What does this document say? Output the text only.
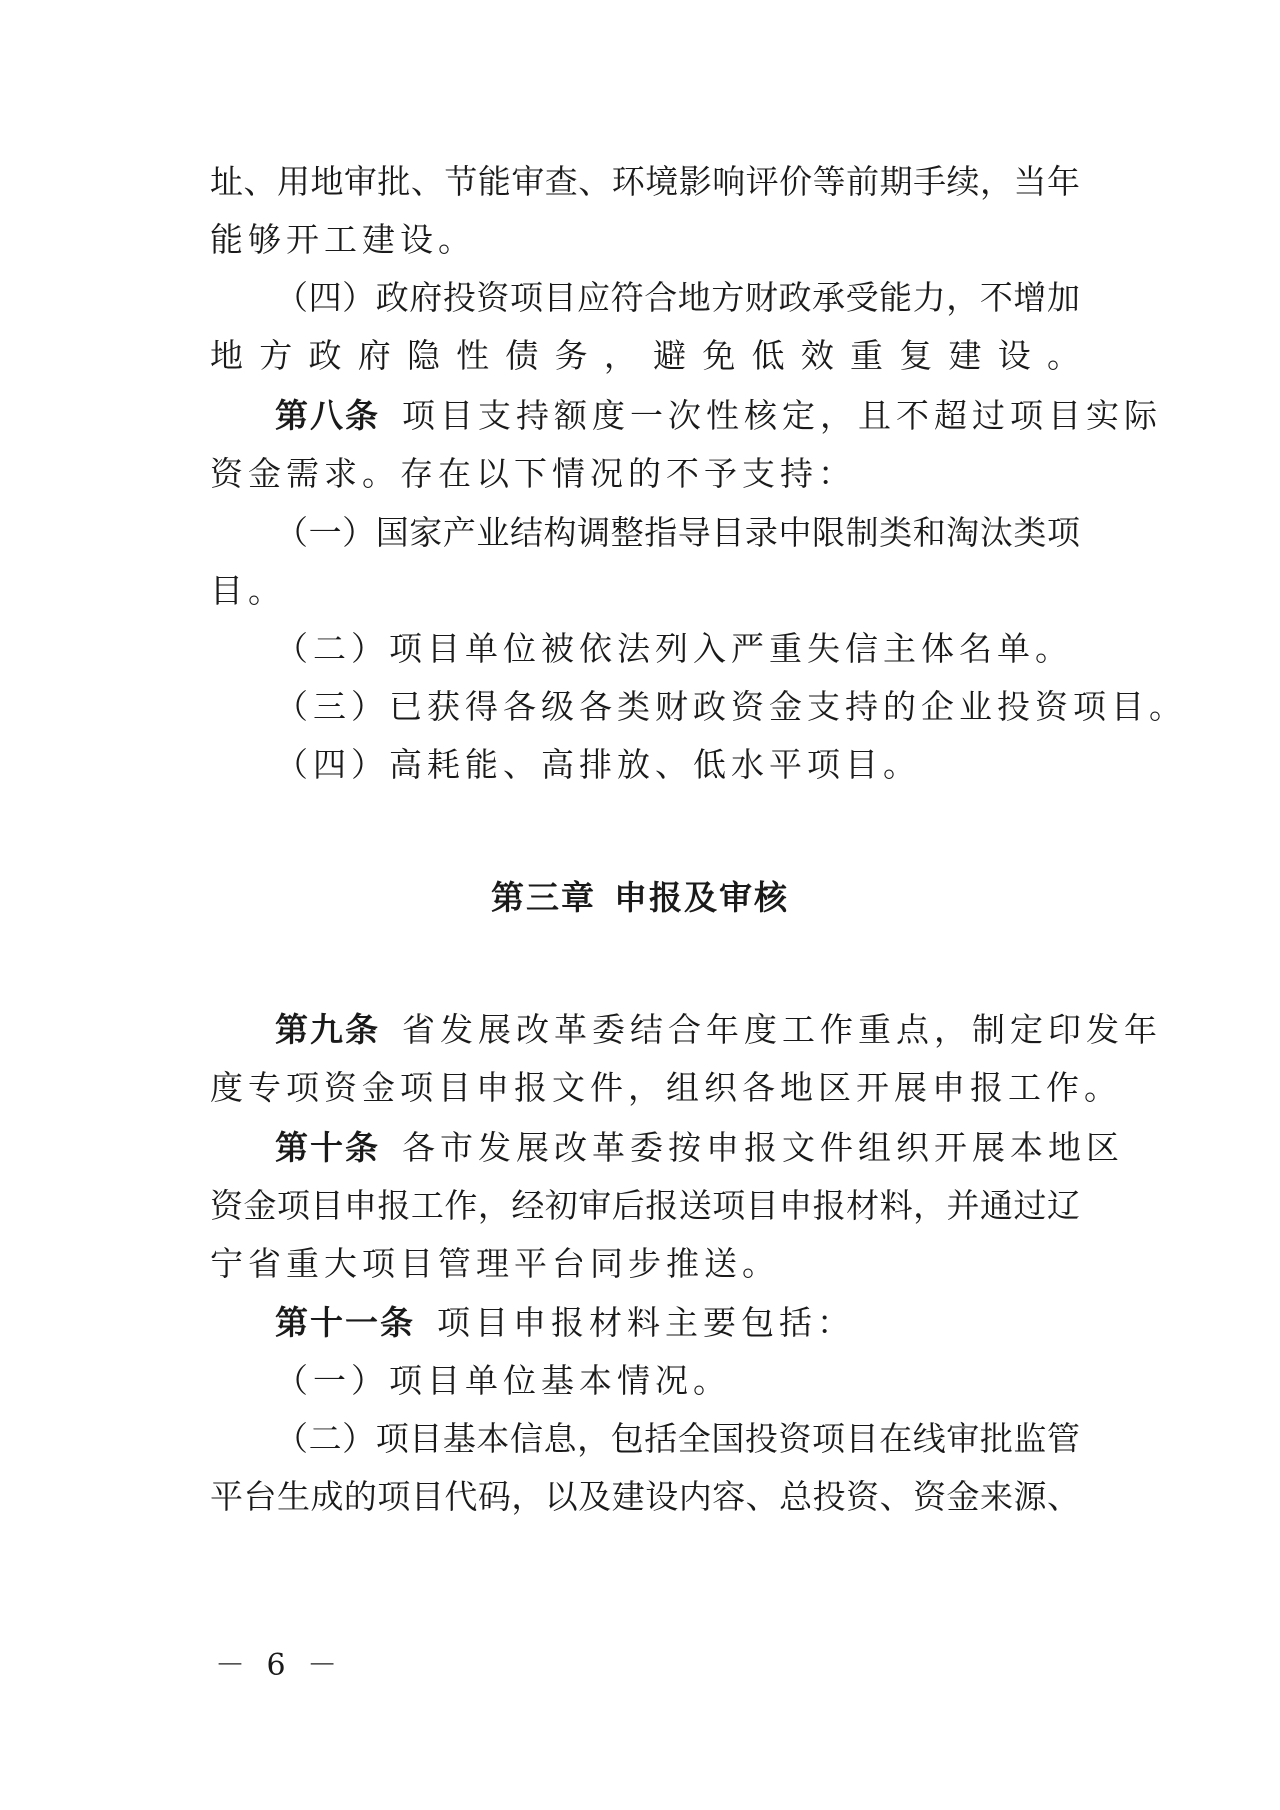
址、用地审批、节能审查、环境影响评价等前期手续，当年
能够开工建设。
（四）政府投资项目应符合地方财政承受能力，不增加
地方政府隐性债务，避免低效重复建设。
第八条 项目支持额度一次性核定，且不超过项目实际
资金需求。存在以下情况的不予支持：
（一）国家产业结构调整指导目录中限制类和淘汰类项
目。
（二）项目单位被依法列入严重失信主体名单。
（三）已获得各级各类财政资金支持的企业投资项目。
（四）高耗能、高排放、低水平项目。
第三章 申报及审核
第九条 省发展改革委结合年度工作重点，制定印发年
度专项资金项目申报文件，组织各地区开展申报工作。
第十条 各市发展改革委按申报文件组织开展本地区
资金项目申报工作，经初审后报送项目申报材料，并通过辽
宁省重大项目管理平台同步推送。
第十一条 项目申报材料主要包括：
（一）项目单位基本情况。
（二）项目基本信息，包括全国投资项目在线审批监管
平台生成的项目代码，以及建设内容、总投资、资金来源、
－ 6 －
